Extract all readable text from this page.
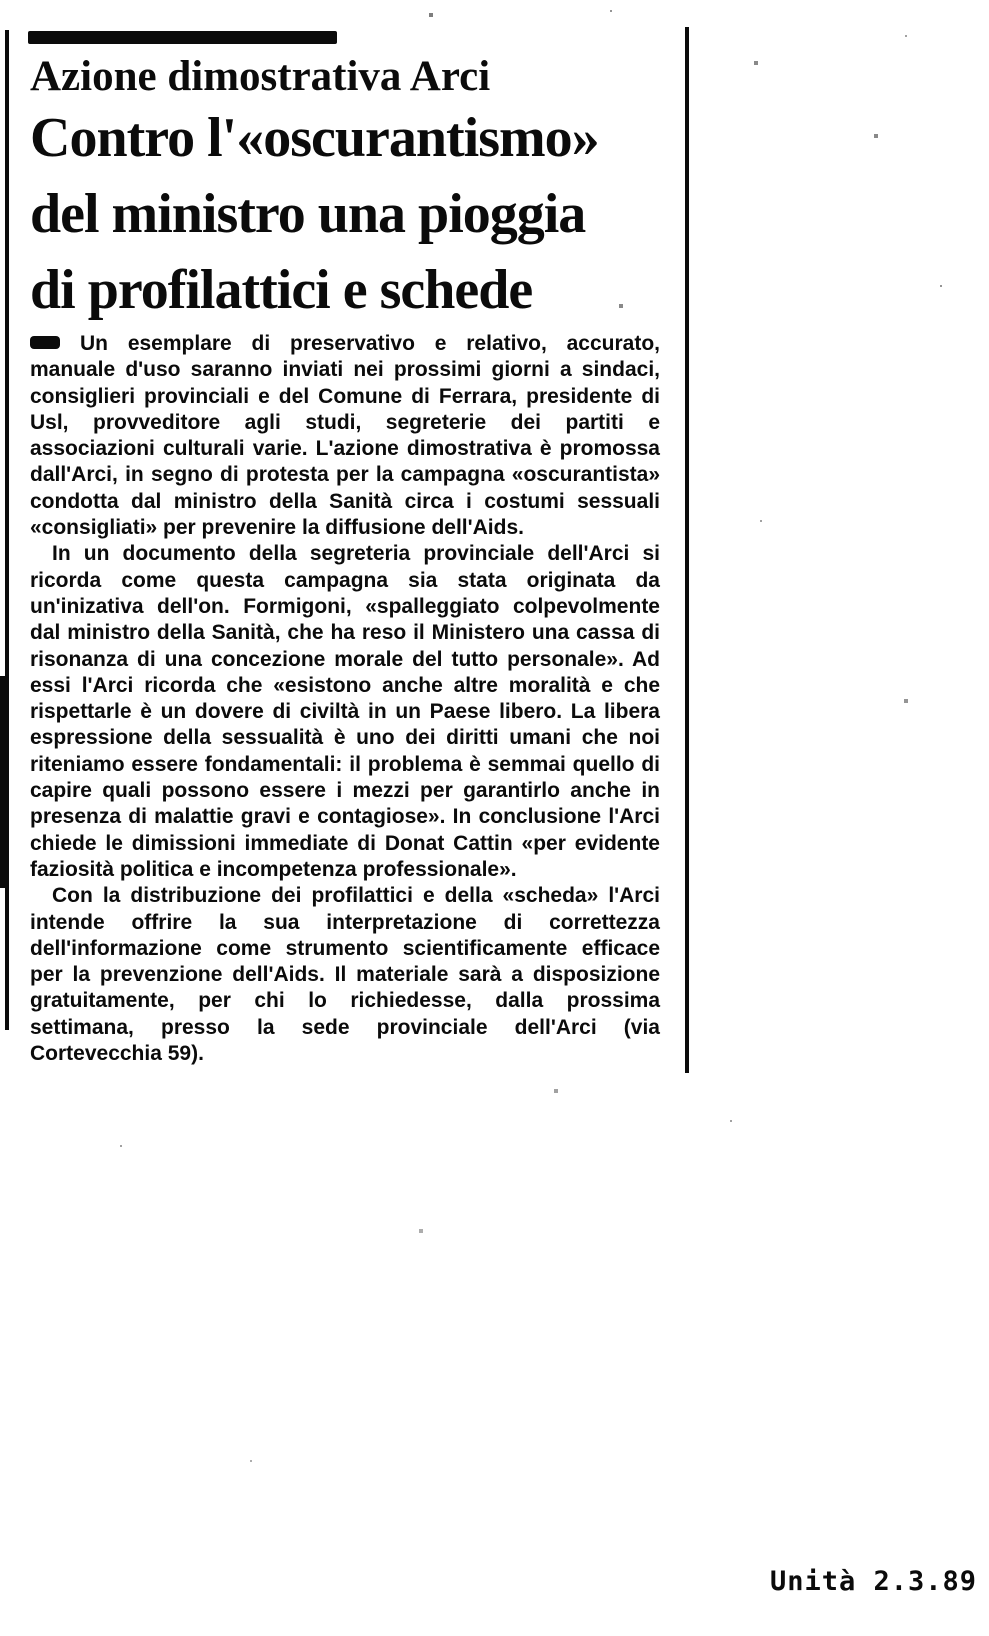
Azione dimostrativa Arci
Contro l'«oscurantismo»
del ministro una pioggia
di profilattici e schede

Un esemplare di preservativo e relativo, accurato, manuale d'uso saranno inviati nei prossimi giorni a sindaci, consiglieri provinciali e del Comune di Ferrara, presidente di Usl, provveditore agli studi, segreterie dei partiti e associazioni culturali varie. L'azione dimostrativa è promossa dall'Arci, in segno di protesta per la campagna «oscurantista» condotta dal ministro della Sanità circa i costumi sessuali «consigliati» per prevenire la diffusione dell'Aids.

In un documento della segreteria provinciale dell'Arci si ricorda come questa campagna sia stata originata da un'inizativa dell'on. Formigoni, «spalleggiato colpevolmente dal ministro della Sanità, che ha reso il Ministero una cassa di risonanza di una concezione morale del tutto personale». Ad essi l'Arci ricorda che «esistono anche altre moralità e che rispettarle è un dovere di civiltà in un Paese libero. La libera espressione della sessualità è uno dei diritti umani che noi riteniamo essere fondamentali: il problema è semmai quello di capire quali possono essere i mezzi per garantirlo anche in presenza di malattie gravi e contagiose». In conclusione l'Arci chiede le dimissioni immediate di Donat Cattin «per evidente faziosità politica e incompetenza professionale».

Con la distribuzione dei profilattici e della «scheda» l'Arci intende offrire la sua interpretazione di correttezza dell'informazione come strumento scientificamente efficace per la prevenzione dell'Aids. Il materiale sarà a disposizione gratuitamente, per chi lo richiedesse, dalla prossima settimana, presso la sede provinciale dell'Arci (via Cortevecchia 59).

Unità 2.3.89
